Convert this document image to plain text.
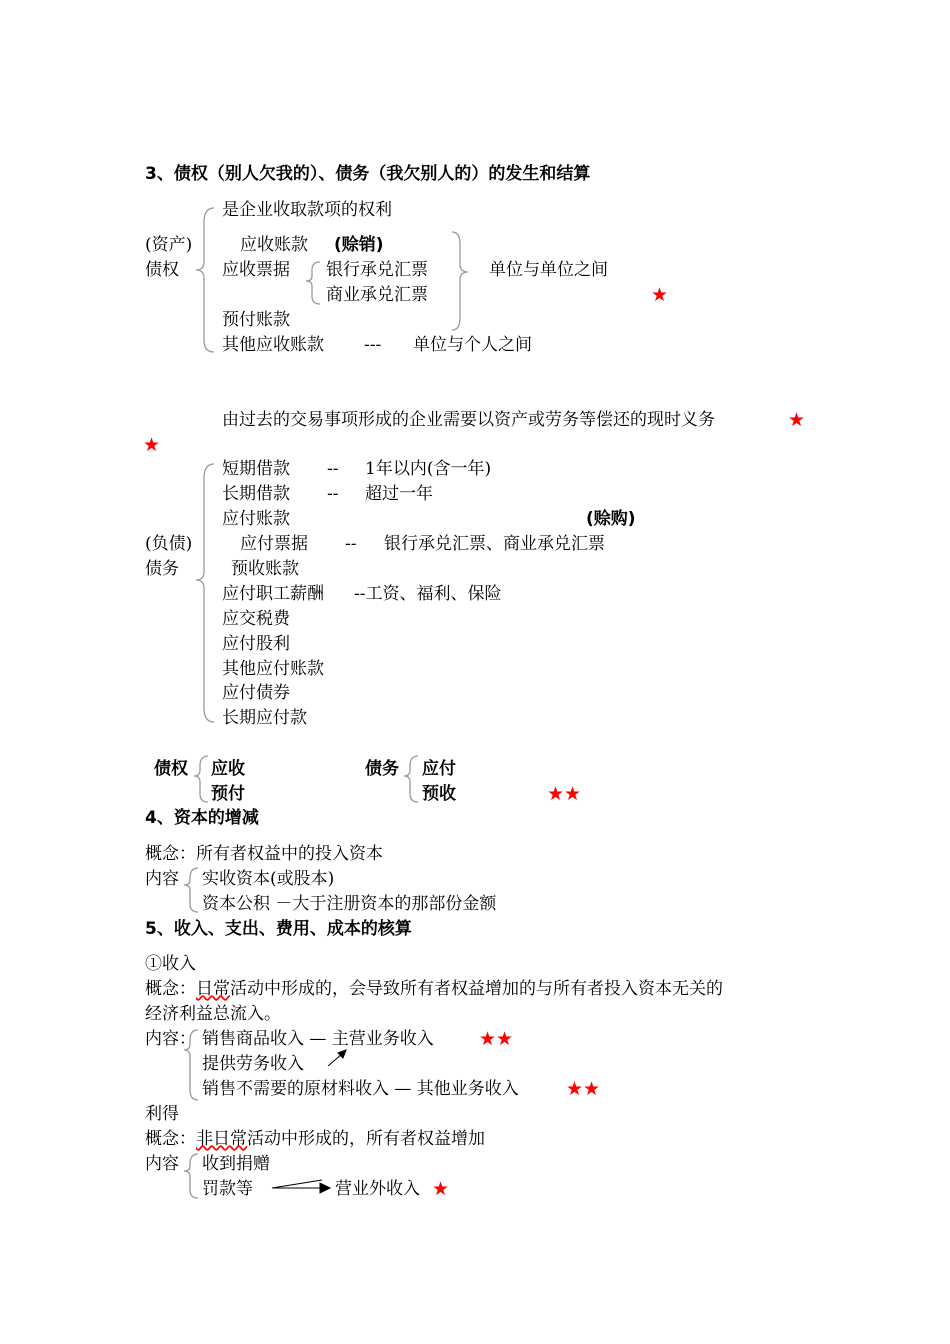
3、债权（别人欠我的）、债务（我欠别人的）的发生和结算
是企业收取款项的权利
(资产)
债权
应收账款 (赊销)
应收票据 银行承兑汇票
商业承兑汇票
单位与单位之间
★
预付账款
其他应收账款 --- 单位与个人之间
由过去的交易事项形成的企业需要以资产或劳务等偿还的现时义务	★
★
短期借款 -- 1年以内(含一年)
长期借款 -- 超过一年
应付账款	(赊购)
(负债)
债务
应付票据 -- 银行承兑汇票、商业承兑汇票
预收账款
应付职工薪酬 --工资、福利、保险
应交税费
应付股利
其他应付账款
应付债券
长期应付款
债权 应收
预付
债务 应付
预收	★★
4、资本的增减
概念：所有者权益中的投入资本
内容 实收资本(或股本)
资本公积 －大于注册资本的那部份金额
5、收入、支出、费用、成本的核算
①收入
概念：日常活动中形成的，会导致所有者权益增加的与所有者投入资本无关的
经济利益总流入。
内容： 销售商品收入 — 主营业务收入 ★★
提供劳务收入
销售不需要的原材料收入 — 其他业务收入 ★★
利得
概念：非日常活动中形成的，所有者权益增加
内容 收到捐赠
罚款等	营业外收入 ★
